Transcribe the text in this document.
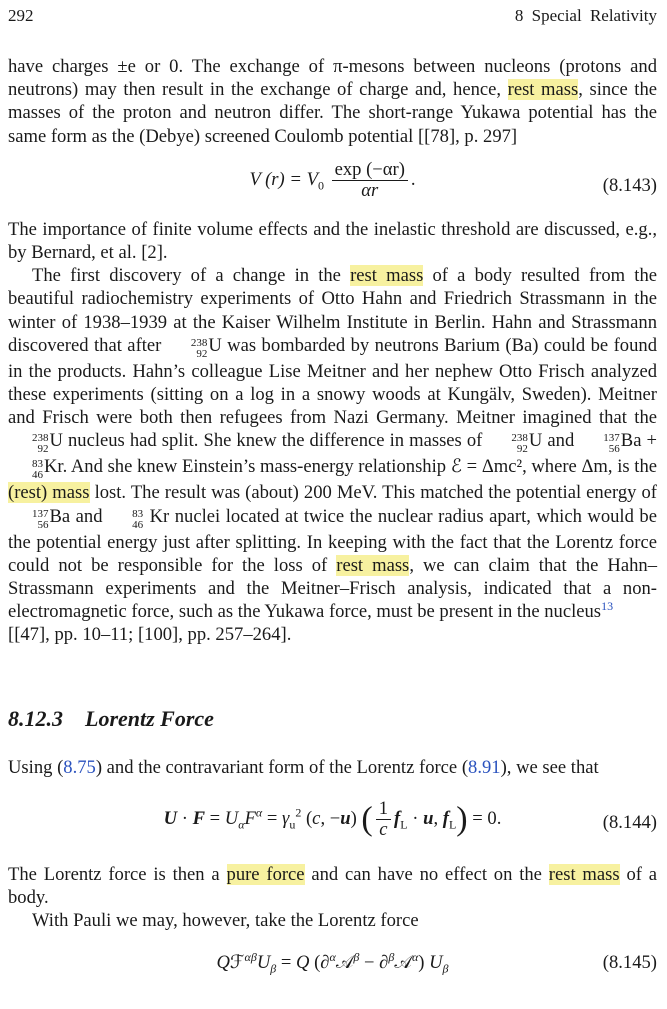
292	8 Special Relativity

have charges ±e or 0. The exchange of π-mesons between nucleons (protons and neutrons) may then result in the exchange of charge and, hence, rest mass, since the masses of the proton and neutron differ. The short-range Yukawa potential has the same form as the (Debye) screened Coulomb potential [[78], p. 297]

V $(r) = V_0 \frac{\exp (-\alpha r)}{\alpha r}$ .	(8.143)

The importance of finite volume effects and the inelastic threshold are discussed, e.g., by Bernard, et al. [2].

The first discovery of a change in the rest mass of a body resulted from the beautiful radiochemistry experiments of Otto Hahn and Friedrich Strassmann in the winter of 1938–1939 at the Kaiser Wilhelm Institute in Berlin. Hahn and Strassmann discovered that after	238
92 U was bombarded by neutrons Barium (Ba) could be found in the products. Hahn’s colleague Lise Meitner and her nephew Otto Frisch analyzed these experiments (sitting on a log in a snowy woods at Kungälv, Sweden). Meitner and Frisch were both then refugees from Nazi Germany. Meitner imagined that the
238
92 U nucleus had split. She knew the difference in masses of	238
92 U and	137
56 Ba +
83
46 Kr. And she knew Einstein’s mass-energy relationship ℰ = Δmc², where Δm, is the (rest) mass lost. The result was (about) 200 MeV. This matched the potential energy of
137
56 Ba and	83
46 Kr nuclei located at twice the nuclear radius apart, which would be the potential energy just after splitting. In keeping with the fact that the Lorentz force could not be responsible for the loss of rest mass, we can claim that the Hahn–Strassmann experiments and the Meitner–Frisch analysis, indicated that a non-electromagnetic force, such as the Yukawa force, must be present in the nucleus$^{13}$
[[47], pp. 10–11; [100], pp. 257–264].

8.12.3 Lorentz Force

Using (8.75) and the contravariant form of the Lorentz force (8.91), we see that

$U \cdot F = U_\alpha F^\alpha = \gamma_u^2$ (c, −u) ( $\frac{1}{c} f_L \cdot u$, $f_L) = 0$.	(8.144)

The Lorentz force is then a pure force and can have no effect on the rest mass of a body.

With Pauli we may, however, take the Lorentz force

$Qℱ^{\alpha\beta}U_\beta = Q$ (∂$^\alpha$𝒜$^\beta$ − ∂$^\beta$𝒜$^\alpha$) $U_\beta$	(8.145)
